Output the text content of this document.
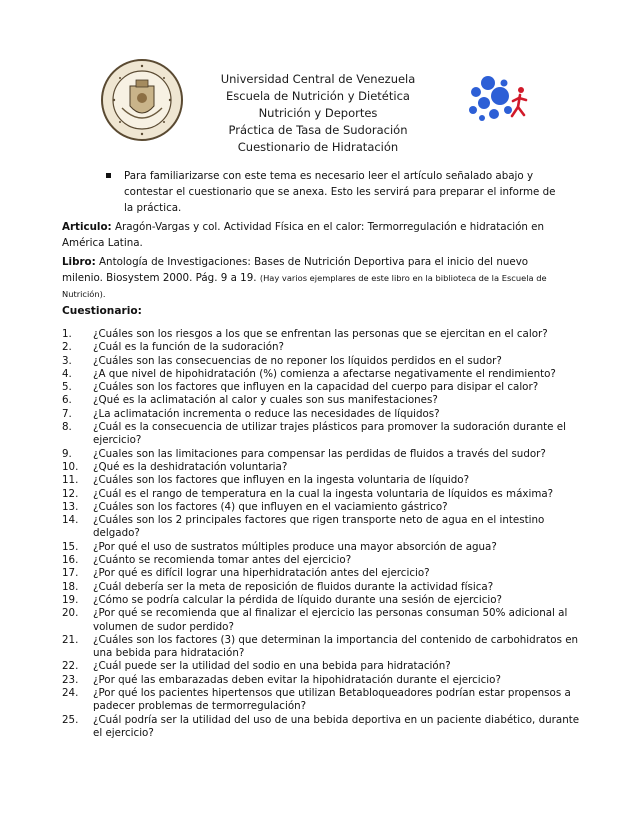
Universidad Central de Venezuela
Escuela de Nutrición y Dietética
Nutrición y Deportes
Práctica de Tasa de Sudoración
Cuestionario de Hidratación
Para familiarizarse con este tema es necesario leer el artículo señalado abajo y contestar el cuestionario que se anexa. Esto les servirá para preparar el informe de la práctica.
Articulo: Aragón-Vargas y col. Actividad Física en el calor: Termorregulación e hidratación en América Latina.
Libro: Antología de Investigaciones: Bases de Nutrición Deportiva para el inicio del nuevo milenio. Biosystem 2000. Pág. 9 a 19. (Hay varios ejemplares de este libro en la biblioteca de la Escuela de Nutrición).
Cuestionario:
1. ¿Cuáles son los riesgos a los que se enfrentan las personas que se ejercitan en el calor?
2. ¿Cuál es la función de la sudoración?
3. ¿Cuáles son las consecuencias de no reponer los líquidos perdidos en el sudor?
4. ¿A que nivel de hipohidratación (%) comienza a afectarse negativamente el rendimiento?
5. ¿Cuáles son los factores que influyen en la capacidad del cuerpo para disipar el calor?
6. ¿Qué es la aclimatación al calor y cuales son sus manifestaciones?
7. ¿La aclimatación incrementa o reduce las necesidades de líquidos?
8. ¿Cuál es la consecuencia de utilizar trajes plásticos para promover la sudoración durante el ejercicio?
9. ¿Cuales son las limitaciones para compensar las perdidas de fluidos a través del sudor?
10. ¿Qué es la deshidratación voluntaria?
11. ¿Cuáles son los factores que influyen en la ingesta voluntaria de líquido?
12. ¿Cuál es el rango de temperatura en la cual la ingesta voluntaria de líquidos es máxima?
13. ¿Cuáles son los factores (4) que influyen en el vaciamiento gástrico?
14. ¿Cuáles son los 2 principales factores que rigen transporte neto de agua en el intestino delgado?
15. ¿Por qué el uso de sustratos múltiples produce una mayor absorción de agua?
16. ¿Cuánto se recomienda tomar antes del ejercicio?
17. ¿Por qué es difícil lograr una hiperhidratación antes del ejercicio?
18. ¿Cuál debería ser la meta de reposición de fluidos durante la actividad física?
19. ¿Cómo se podría calcular la pérdida de líquido durante una sesión de ejercicio?
20. ¿Por qué se recomienda que al finalizar el ejercicio las personas consuman 50% adicional al volumen de sudor perdido?
21. ¿Cuáles son los factores (3) que determinan la importancia del contenido de carbohidratos en una bebida para hidratación?
22. ¿Cuál puede ser la utilidad del sodio en una bebida para hidratación?
23. ¿Por qué las embarazadas deben evitar la hipohidratación durante el ejercicio?
24. ¿Por qué los pacientes hipertensos que utilizan Betabloqueadores podrían estar propensos a padecer problemas de termorregulación?
25. ¿Cuál podría ser la utilidad del uso de una bebida deportiva en un paciente diabético, durante el ejercicio?
